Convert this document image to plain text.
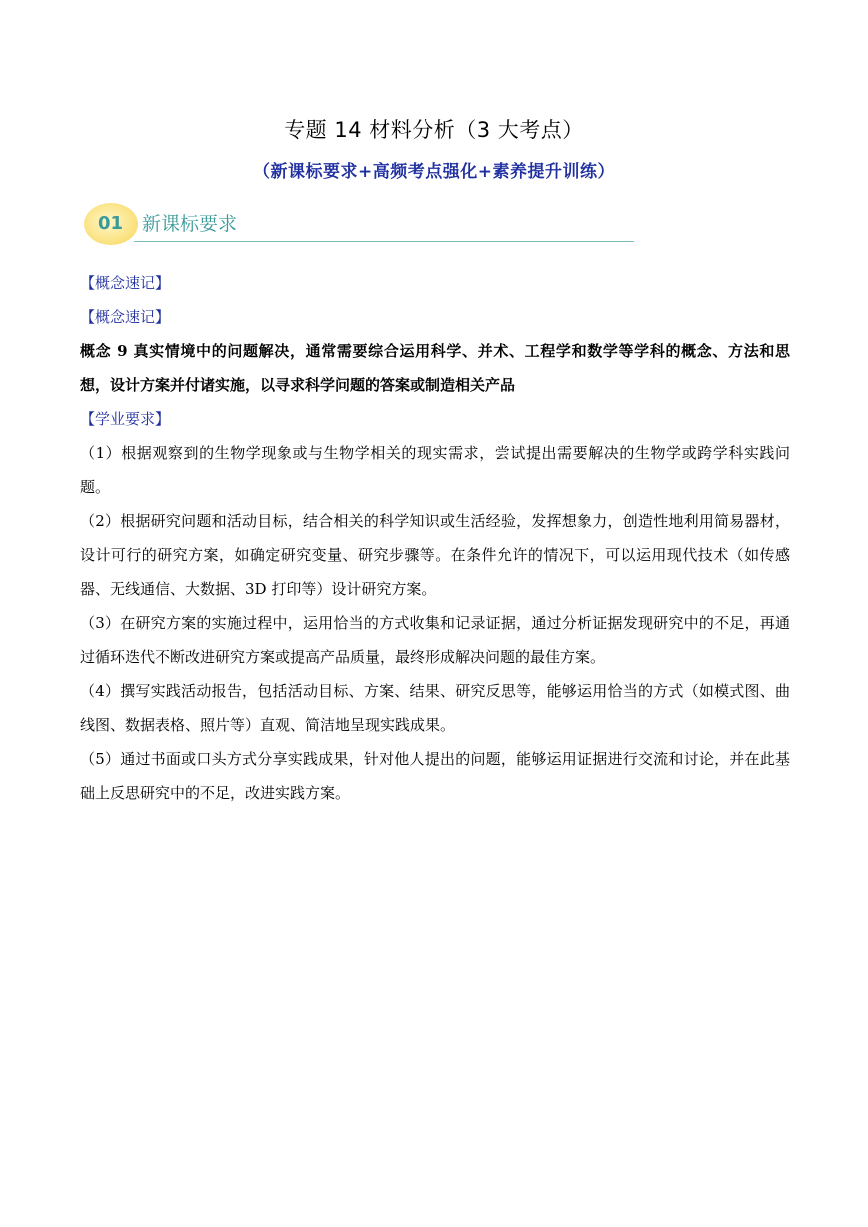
专题 14 材料分析（3 大考点）
（新课标要求+高频考点强化+素养提升训练）
01 新课标要求
【概念速记】
【概念速记】
概念 9 真实情境中的问题解决，通常需要综合运用科学、并术、工程学和数学等学科的概念、方法和思想，设计方案并付诸实施，以寻求科学问题的答案或制造相关产品
【学业要求】
（1）根据观察到的生物学现象或与生物学相关的现实需求，尝试提出需要解决的生物学或跨学科实践问题。
（2）根据研究问题和活动目标，结合相关的科学知识或生活经验，发挥想象力，创造性地利用简易器材，设计可行的研究方案，如确定研究变量、研究步骤等。在条件允许的情况下，可以运用现代技术（如传感器、无线通信、大数据、3D 打印等）设计研究方案。
（3）在研究方案的实施过程中，运用恰当的方式收集和记录证据，通过分析证据发现研究中的不足，再通过循环迭代不断改进研究方案或提高产品质量，最终形成解决问题的最佳方案。
（4）撰写实践活动报告，包括活动目标、方案、结果、研究反思等，能够运用恰当的方式（如模式图、曲线图、数据表格、照片等）直观、简洁地呈现实践成果。
（5）通过书面或口头方式分享实践成果，针对他人提出的问题，能够运用证据进行交流和讨论，并在此基础上反思研究中的不足，改进实践方案。
